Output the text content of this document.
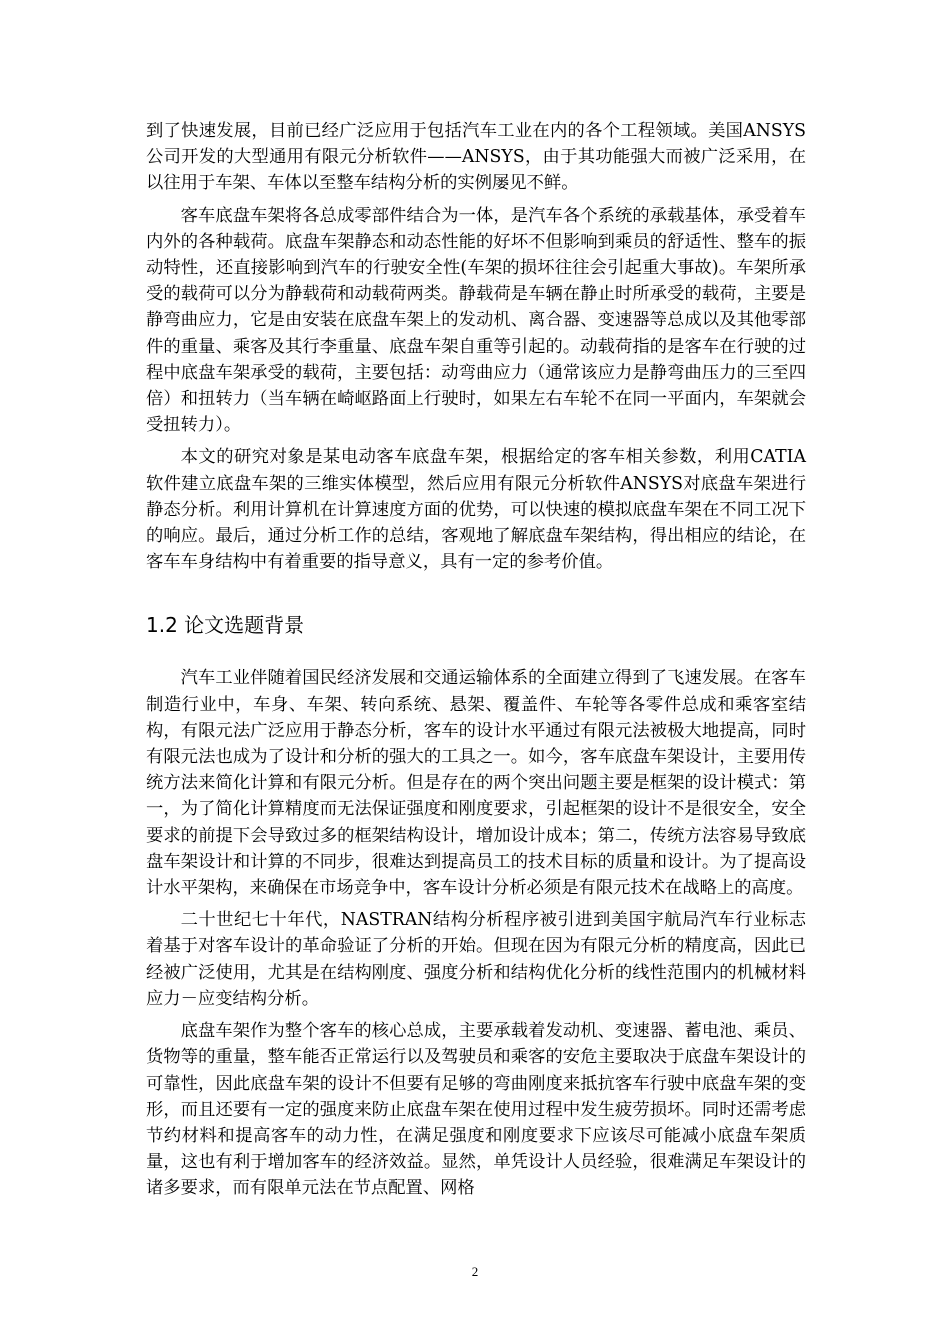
到了快速发展，目前已经广泛应用于包括汽车工业在内的各个工程领域。美国ANSYS公司开发的大型通用有限元分析软件——ANSYS，由于其功能强大而被广泛采用，在以往用于车架、车体以至整车结构分析的实例屡见不鲜。

客车底盘车架将各总成零部件结合为一体，是汽车各个系统的承载基体，承受着车内外的各种载荷。底盘车架静态和动态性能的好坏不但影响到乘员的舒适性、整车的振动特性，还直接影响到汽车的行驶安全性(车架的损坏往往会引起重大事故)。车架所承受的载荷可以分为静载荷和动载荷两类。静载荷是车辆在静止时所承受的载荷，主要是静弯曲应力，它是由安装在底盘车架上的发动机、离合器、变速器等总成以及其他零部件的重量、乘客及其行李重量、底盘车架自重等引起的。动载荷指的是客车在行驶的过程中底盘车架承受的载荷，主要包括：动弯曲应力（通常该应力是静弯曲压力的三至四倍）和扭转力（当车辆在崎岖路面上行驶时，如果左右车轮不在同一平面内，车架就会受扭转力）。

本文的研究对象是某电动客车底盘车架，根据给定的客车相关参数，利用CATIA软件建立底盘车架的三维实体模型，然后应用有限元分析软件ANSYS对底盘车架进行静态分析。利用计算机在计算速度方面的优势，可以快速的模拟底盘车架在不同工况下的响应。最后，通过分析工作的总结，客观地了解底盘车架结构，得出相应的结论，在客车车身结构中有着重要的指导意义，具有一定的参考价值。

1.2 论文选题背景

汽车工业伴随着国民经济发展和交通运输体系的全面建立得到了飞速发展。在客车制造行业中，车身、车架、转向系统、悬架、覆盖件、车轮等各零件总成和乘客室结构，有限元法广泛应用于静态分析，客车的设计水平通过有限元法被极大地提高，同时有限元法也成为了设计和分析的强大的工具之一。如今，客车底盘车架设计，主要用传统方法来简化计算和有限元分析。但是存在的两个突出问题主要是框架的设计模式：第一，为了简化计算精度而无法保证强度和刚度要求，引起框架的设计不是很安全，安全要求的前提下会导致过多的框架结构设计，增加设计成本；第二，传统方法容易导致底盘车架设计和计算的不同步，很难达到提高员工的技术目标的质量和设计。为了提高设计水平架构，来确保在市场竞争中，客车设计分析必须是有限元技术在战略上的高度。

二十世纪七十年代，NASTRAN结构分析程序被引进到美国宇航局汽车行业标志着基于对客车设计的革命验证了分析的开始。但现在因为有限元分析的精度高，因此已经被广泛使用，尤其是在结构刚度、强度分析和结构优化分析的线性范围内的机械材料应力－应变结构分析。

底盘车架作为整个客车的核心总成，主要承载着发动机、变速器、蓄电池、乘员、货物等的重量，整车能否正常运行以及驾驶员和乘客的安危主要取决于底盘车架设计的可靠性，因此底盘车架的设计不但要有足够的弯曲刚度来抵抗客车行驶中底盘车架的变形，而且还要有一定的强度来防止底盘车架在使用过程中发生疲劳损坏。同时还需考虑节约材料和提高客车的动力性，在满足强度和刚度要求下应该尽可能减小底盘车架质量，这也有利于增加客车的经济效益。显然，单凭设计人员经验，很难满足车架设计的诸多要求，而有限单元法在节点配置、网格

2
